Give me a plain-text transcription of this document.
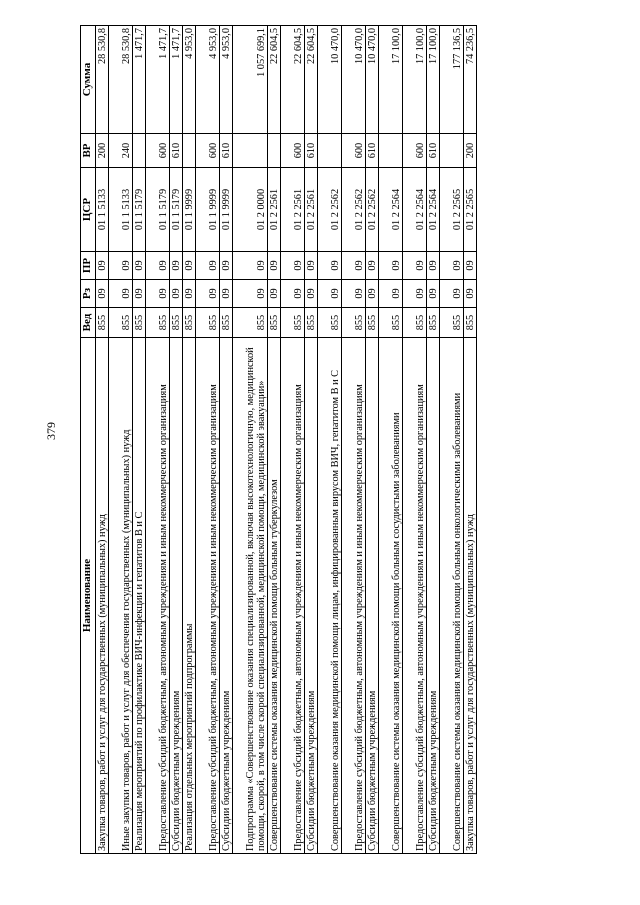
379
Наименование	Вед	Рз	ПР	ЦСР	ВР	Сумма
Закупка товаров, работ и услуг для государственных (муниципальных) нужд	855	09	09	01 1 5133	200	28 530,8
Иные закупки товаров, работ и услуг для обеспечения государственных (муниципальных) нужд	855	09	09	01 1 5133	240	28 530,8
Реализация мероприятий по профилактике ВИЧ-инфекции и гепатитов B и C	855	09	09	01 1 5179		1 471,7
Предоставление субсидий бюджетным, автономным учреждениям и иным некоммерческим организациям	855	09	09	01 1 5179	600	1 471,7
Субсидии бюджетным учреждениям	855	09	09	01 1 5179	610	1 471,7
Реализация отдельных мероприятий подпрограммы	855	09	09	01 1 9999		4 953,0
Предоставление субсидий бюджетным, автономным учреждениям и иным некоммерческим организациям	855	09	09	01 1 9999	600	4 953,0
Субсидии бюджетным учреждениям	855	09	09	01 1 9999	610	4 953,0
Подпрограмма «Совершенствование оказания специализированной, включая высокотехнологичную, медицинской помощи, скорой, в том числе скорой специализированной, медицинской помощи, медицинской эвакуации»	855	09	09	01 2 0000		1 057 699,1
Совершенствование системы оказания медицинской помощи больным туберкулезом	855	09	09	01 2 2561		22 604,5
Предоставление субсидий бюджетным, автономным учреждениям и иным некоммерческим организациям	855	09	09	01 2 2561	600	22 604,5
Субсидии бюджетным учреждениям	855	09	09	01 2 2561	610	22 604,5
Совершенствование оказания медицинской помощи лицам, инфицированным вирусом ВИЧ, гепатитом B и C	855	09	09	01 2 2562		10 470,0
Предоставление субсидий бюджетным, автономным учреждениям и иным некоммерческим организациям	855	09	09	01 2 2562	600	10 470,0
Субсидии бюджетным учреждениям	855	09	09	01 2 2562	610	10 470,0
Совершенствование системы оказания медицинской помощи больным сосудистыми заболеваниями	855	09	09	01 2 2564		17 100,0
Предоставление субсидий бюджетным, автономным учреждениям и иным некоммерческим организациям	855	09	09	01 2 2564	600	17 100,0
Субсидии бюджетным учреждениям	855	09	09	01 2 2564	610	17 100,0
Совершенствование системы оказания медицинской помощи больным онкологическими заболеваниями	855	09	09	01 2 2565		177 136,5
Закупка товаров, работ и услуг для государственных (муниципальных) нужд	855	09	09	01 2 2565	200	74 236,5
